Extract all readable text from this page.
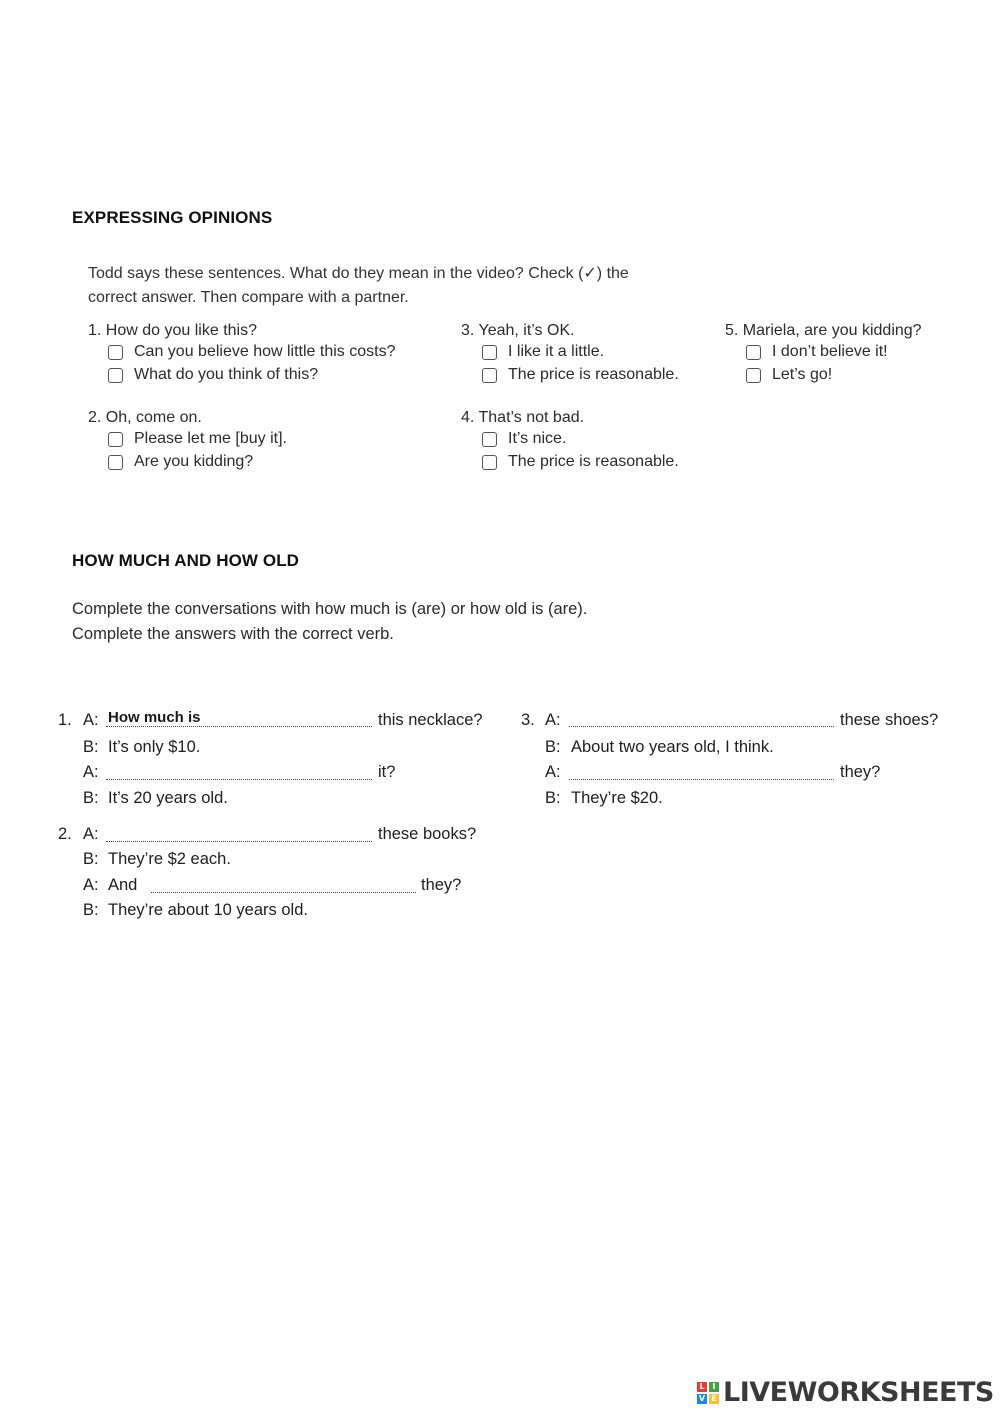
EXPRESSING OPINIONS
Todd says these sentences. What do they mean in the video? Check (✓) the
correct answer. Then compare with a partner.
1. How do you like this?
Can you believe how little this costs?
What do you think of this?
2. Oh, come on.
Please let me [buy it].
Are you kidding?
3. Yeah, it’s OK.
I like it a little.
The price is reasonable.
4. That’s not bad.
It’s nice.
The price is reasonable.
5. Mariela, are you kidding?
I don’t believe it!
Let’s go!
HOW MUCH AND HOW OLD
Complete the conversations with how much is (are) or how old is (are).
Complete the answers with the correct verb.
1. A:
How much is	this necklace?
B: It’s only $10.
A:	it?
B: It’s 20 years old.
2. A:	these books?
B: They’re $2 each.
A: And	they?
B: They’re about 10 years old.
3. A:	these shoes?
B: About two years old, I think.
A:	they?
B: They’re $20.
L I
V E LIVEWORKSHEETS
